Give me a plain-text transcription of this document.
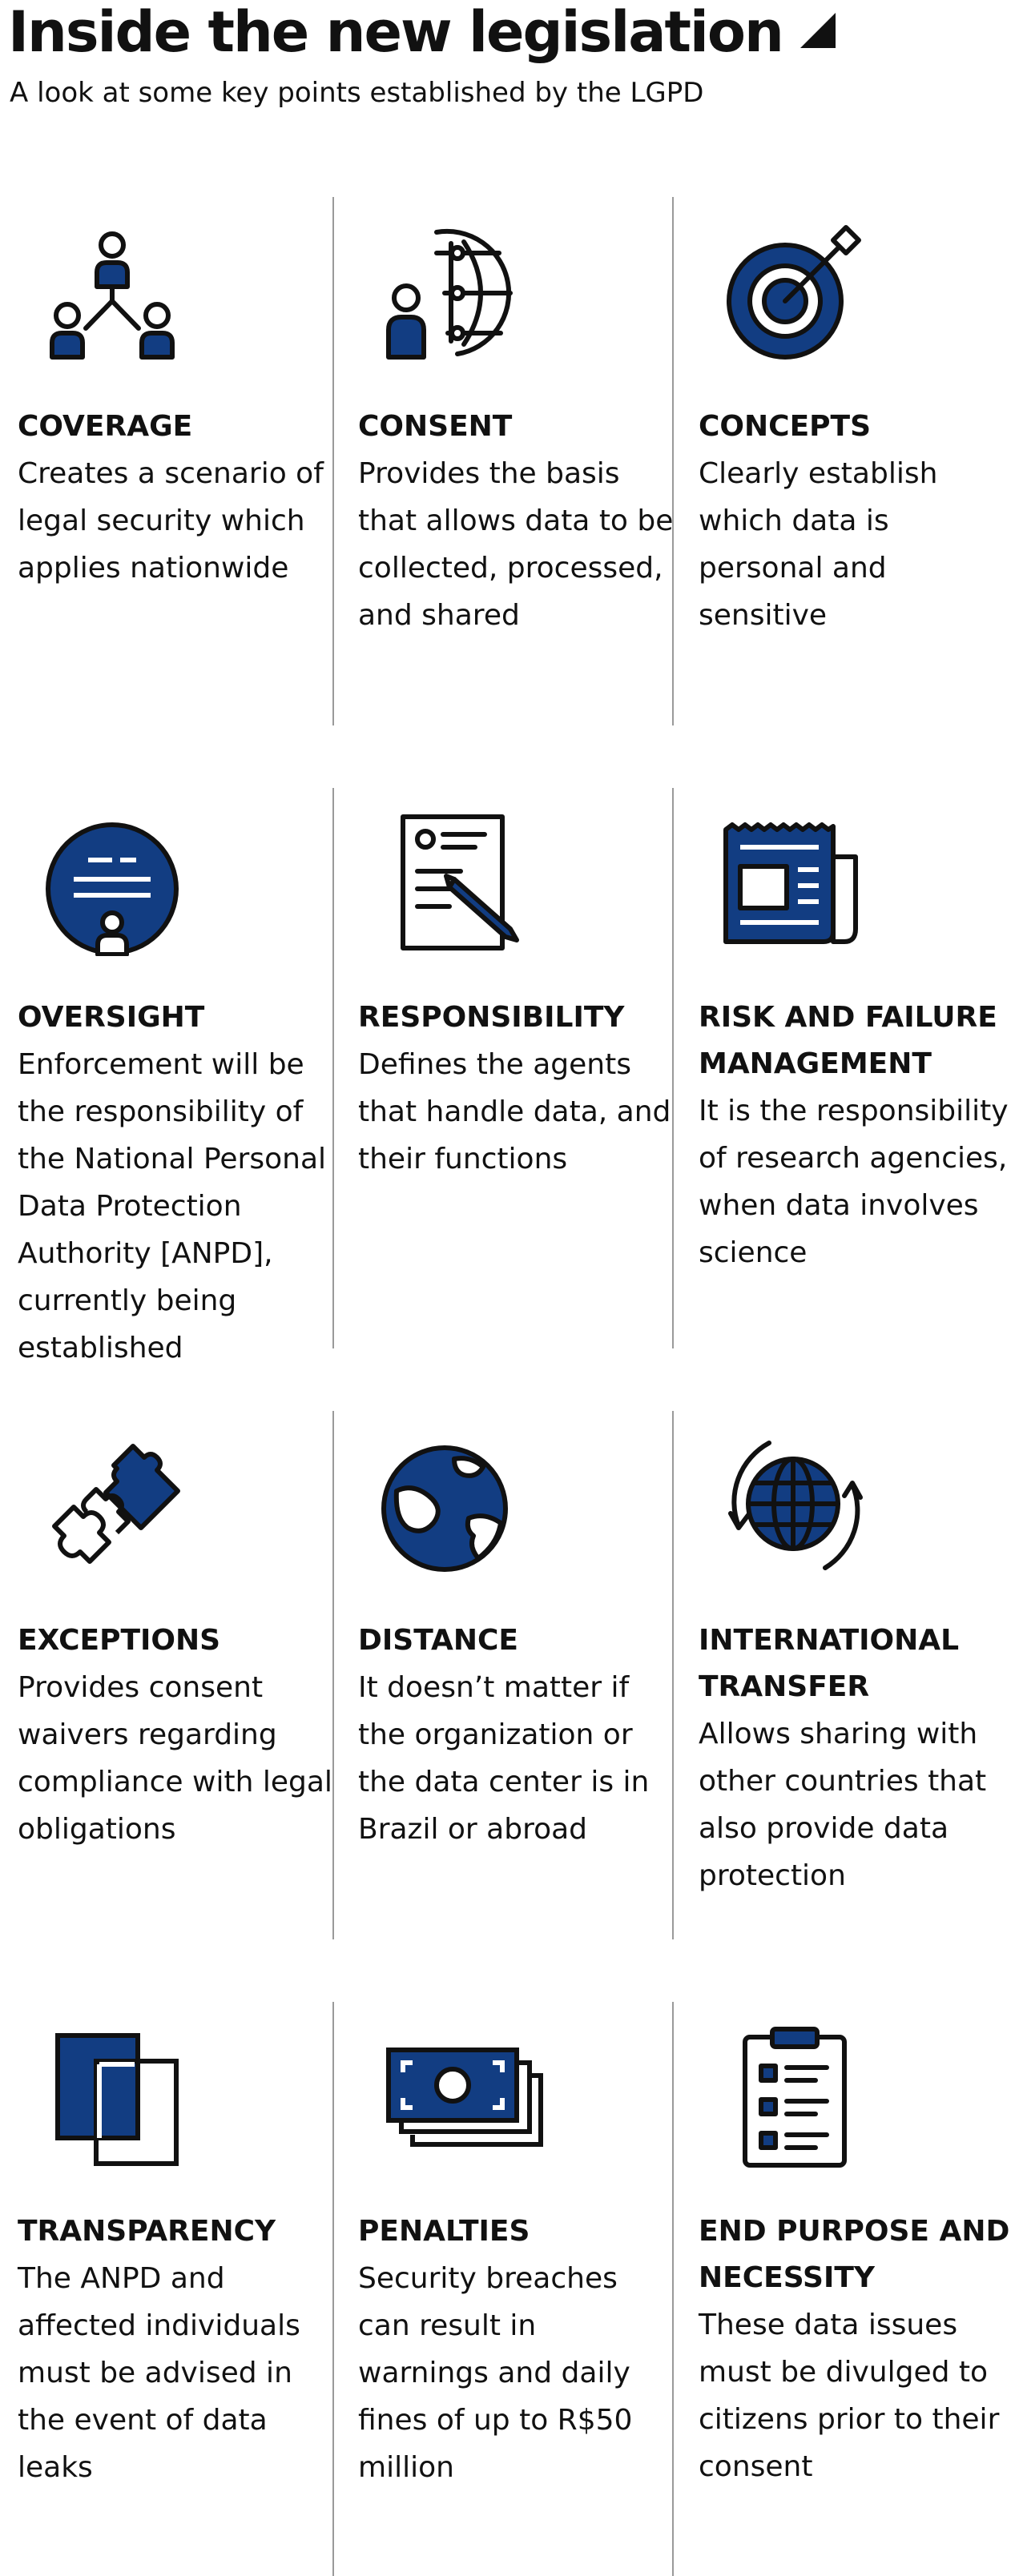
Inside the new legislation

A look at some key points established by the LGPD

COVERAGE
Creates a scenario of legal security which applies nationwide
CONSENT
Provides the basis that allows data to be collected, processed, and shared
CONCEPTS
Clearly establish which data is personal and sensitive
OVERSIGHT
Enforcement will be the responsibility of the National Personal Data Protection Authority [ANPD], currently being established
RESPONSIBILITY
Defines the agents that handle data, and their functions
RISK AND FAILURE MANAGEMENT
It is the responsibility of research agencies, when data involves science
EXCEPTIONS
Provides consent waivers regarding compliance with legal obligations
DISTANCE
It doesn’t matter if the organization or the data center is in Brazil or abroad
INTERNATIONAL TRANSFER
Allows sharing with other countries that also provide data protection
TRANSPARENCY
The ANPD and affected individuals must be advised in the event of data leaks
PENALTIES
Security breaches can result in warnings and daily fines of up to R$50 million
END PURPOSE AND NECESSITY
These data issues must be divulged to citizens prior to their consent
